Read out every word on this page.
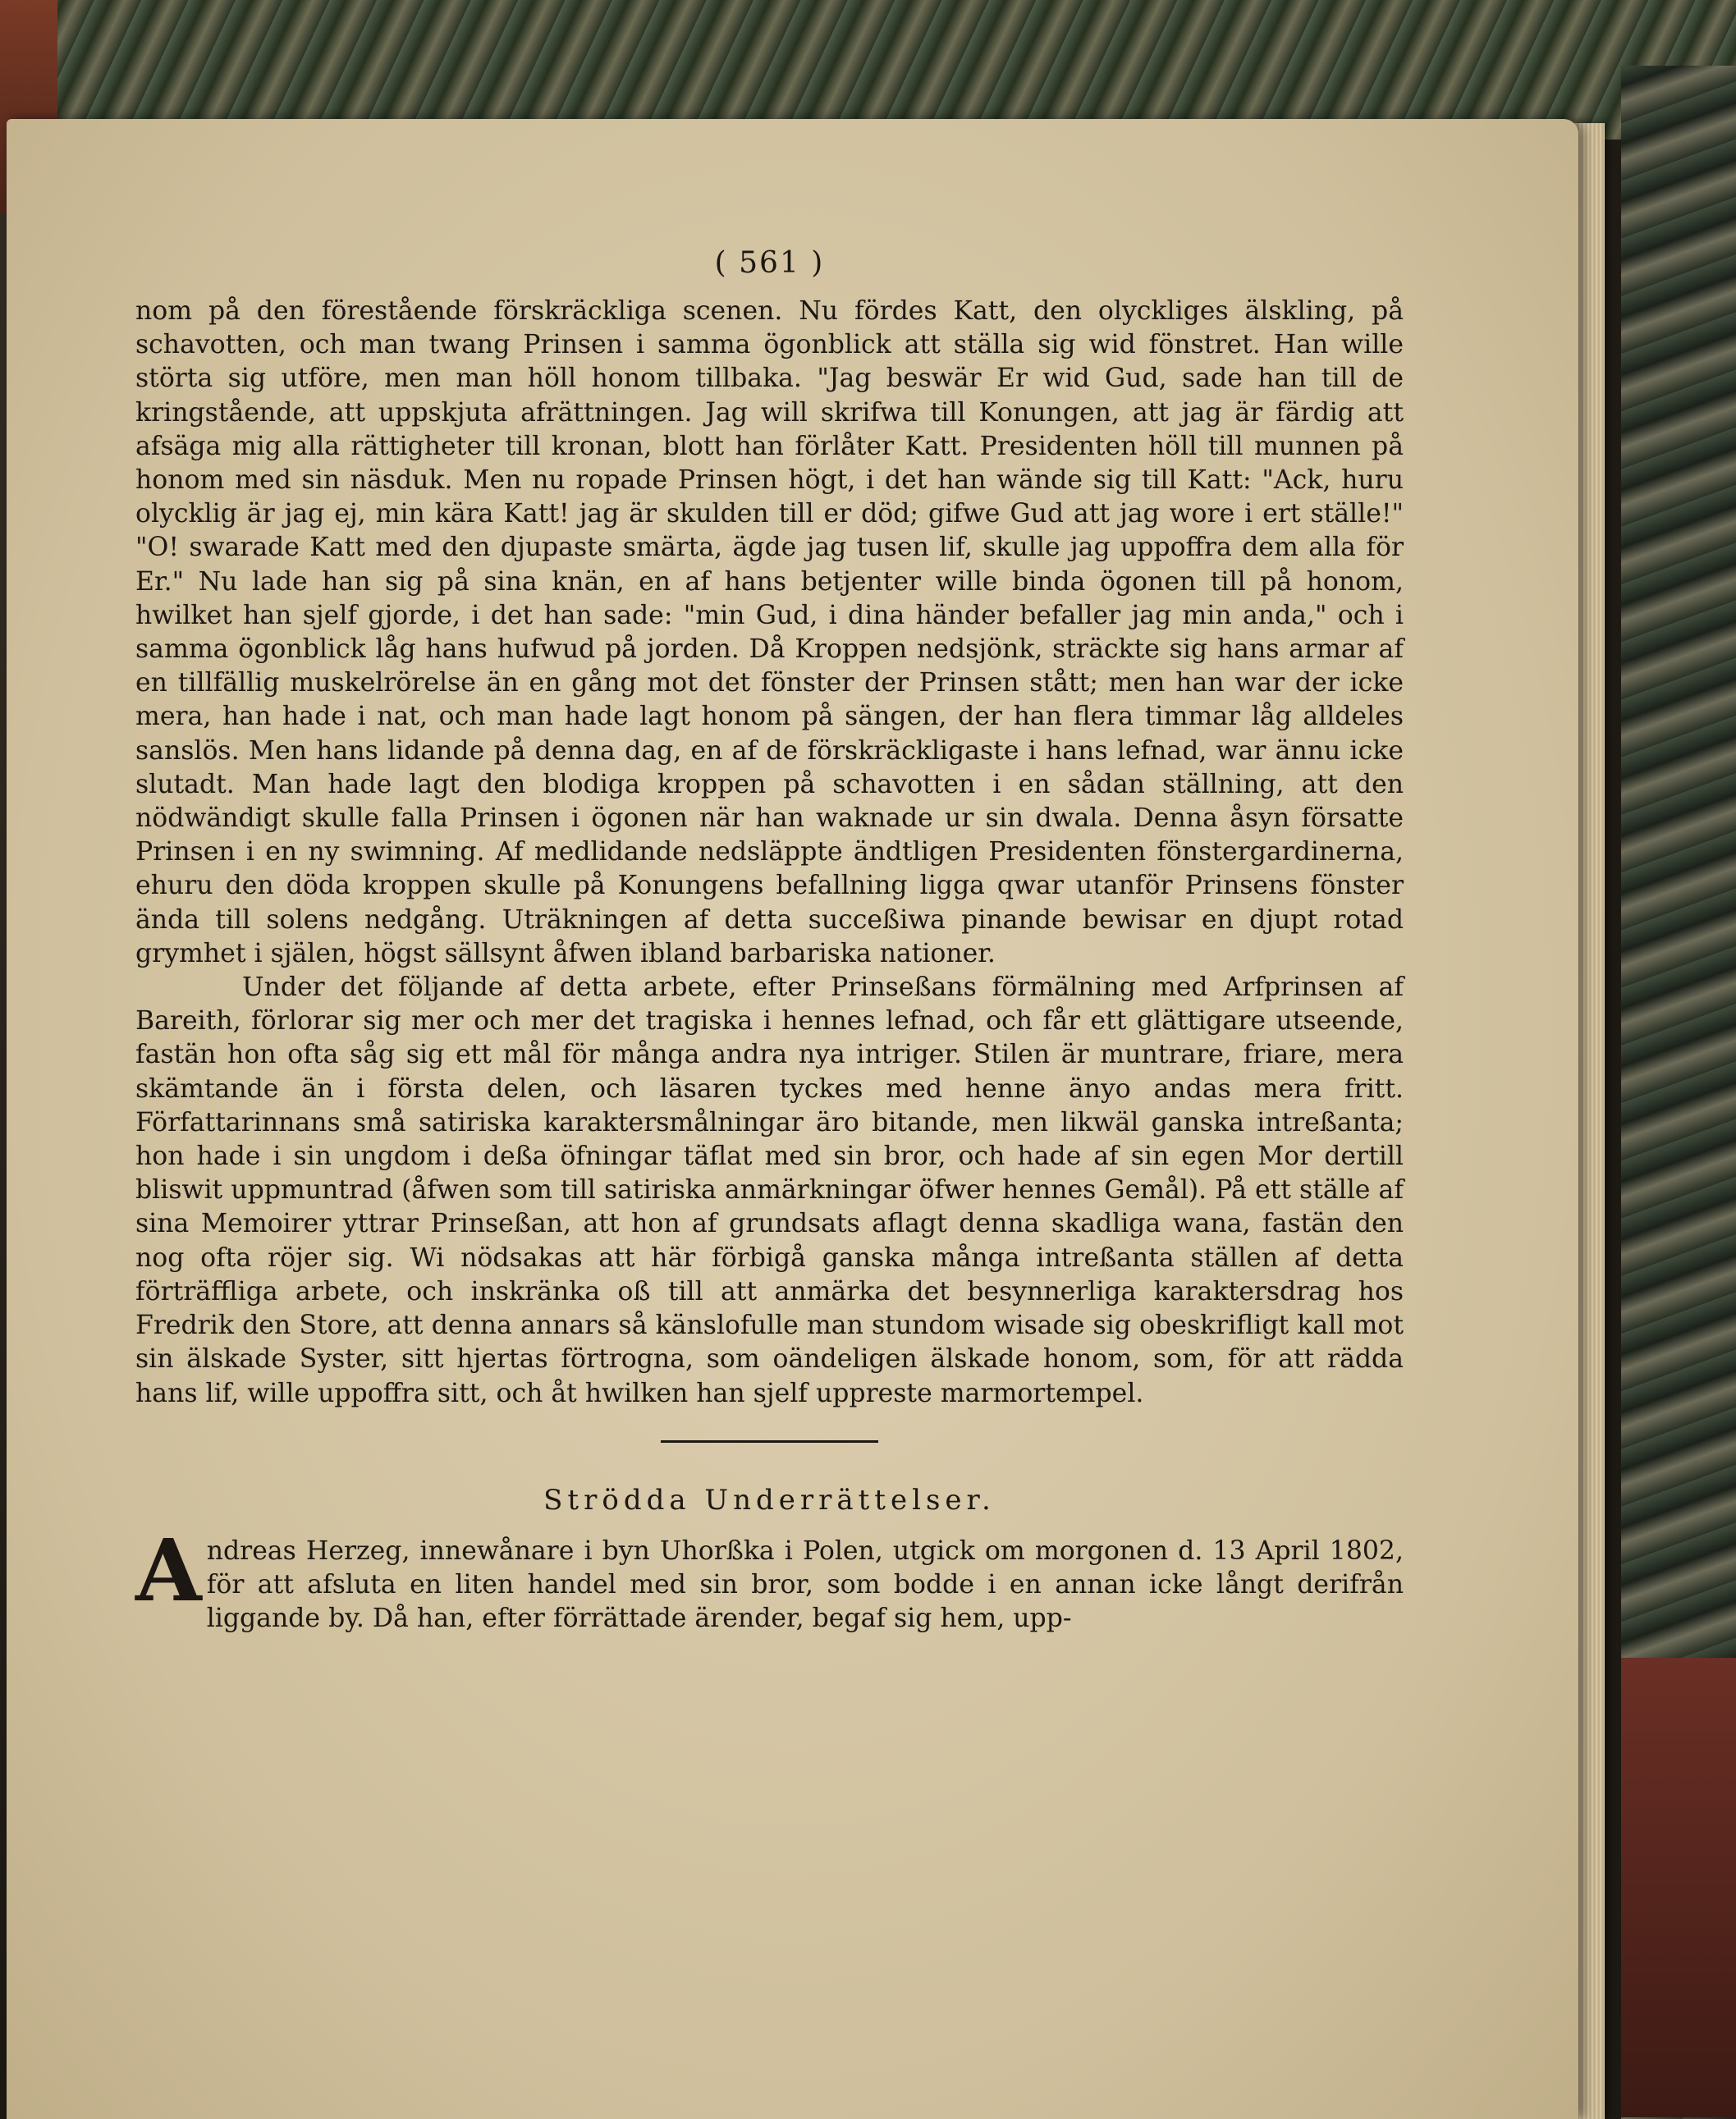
( 561 )

nom på den förestående förskräckliga scenen. Nu fördes Katt, den olyckliges älskling, på schavotten, och man twang Prinsen i samma ögonblick att ställa sig wid fönstret. Han wille störta sig utföre, men man höll honom tillbaka. "Jag beswär Er wid Gud, sade han till de kringstående, att uppskjuta afrättningen. Jag will skrifwa till Konungen, att jag är färdig att afsäga mig alla rättigheter till kronan, blott han förlåter Katt. Presidenten höll till munnen på honom med sin näsduk. Men nu ropade Prinsen högt, i det han wände sig till Katt: "Ack, huru olycklig är jag ej, min kära Katt! jag är skulden till er död; gifwe Gud att jag wore i ert ställe!" "O! swarade Katt med den djupaste smärta, ägde jag tusen lif, skulle jag uppoffra dem alla för Er." Nu lade han sig på sina knän, en af hans betjenter wille binda ögonen till på honom, hwilket han sjelf gjorde, i det han sade: "min Gud, i dina händer befaller jag min anda," och i samma ögonblick låg hans hufwud på jorden. Då Kroppen nedsjönk, sträckte sig hans armar af en tillfällig muskelrörelse än en gång mot det fönster der Prinsen stått; men han war der icke mera, han hade i nat, och man hade lagt honom på sängen, der han flera timmar låg alldeles sanslös. Men hans lidande på denna dag, en af de förskräckligaste i hans lefnad, war ännu icke slutadt. Man hade lagt den blodiga kroppen på schavotten i en sådan ställning, att den nödwändigt skulle falla Prinsen i ögonen när han waknade ur sin dwala. Denna åsyn försatte Prinsen i en ny swimning. Af medlidande nedsläppte ändtligen Presidenten fönstergardinerna, ehuru den döda kroppen skulle på Konungens befallning ligga qwar utanför Prinsens fönster ända till solens nedgång. Uträkningen af detta succeßiwa pinande bewisar en djupt rotad grymhet i själen, högst sällsynt åfwen ibland barbariska nationer.

Under det följande af detta arbete, efter Prinseßans förmälning med Arfprinsen af Bareith, förlorar sig mer och mer det tragiska i hennes lefnad, och får ett glättigare utseende, fastän hon ofta såg sig ett mål för många andra nya intriger. Stilen är muntrare, friare, mera skämtande än i första delen, och läsaren tyckes med henne änyo andas mera fritt. Författarinnans små satiriska karaktersmålningar äro bitande, men likwäl ganska intreßanta; hon hade i sin ungdom i deßa öfningar täflat med sin bror, och hade af sin egen Mor dertill bliswit uppmuntrad (åfwen som till satiriska anmärkningar öfwer hennes Gemål). På ett ställe af sina Memoirer yttrar Prinseßan, att hon af grundsats aflagt denna skadliga wana, fastän den nog ofta röjer sig. Wi nödsakas att här förbigå ganska många intreßanta ställen af detta förträffliga arbete, och inskränka oß till att anmärka det besynnerliga karaktersdrag hos Fredrik den Store, att denna annars så känslofulle man stundom wisade sig obeskrifligt kall mot sin älskade Syster, sitt hjertas förtrogna, som oändeligen älskade honom, som, för att rädda hans lif, wille uppoffra sitt, och åt hwilken han sjelf uppreste marmortempel.

Strödda Underrättelser.

Andreas Herzeg, innewånare i byn Uhorßka i Polen, utgick om morgonen d. 13 April 1802, för att afsluta en liten handel med sin bror, som bodde i en annan icke långt derifrån liggande by. Då han, efter förrättade ärender, begaf sig hem, upp-
